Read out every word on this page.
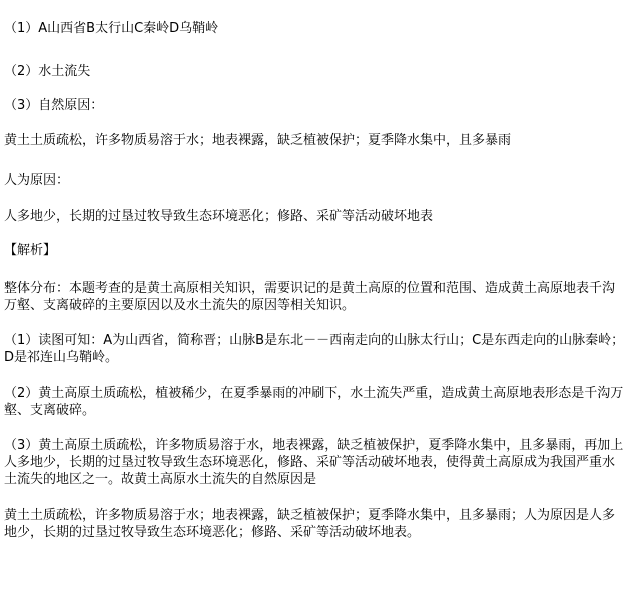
（1）A山西省B太行山C秦岭D乌鞘岭

（2）水土流失

（3）自然原因：

黄土土质疏松，许多物质易溶于水；地表裸露，缺乏植被保护；夏季降水集中，且多暴雨

人为原因：

人多地少，长期的过垦过牧导致生态环境恶化；修路、采矿等活动破坏地表

【解析】

整体分布：本题考查的是黄土高原相关知识，需要识记的是黄土高原的位置和范围、造成黄土高原地表千沟万壑、支离破碎的主要原因以及水土流失的原因等相关知识。

（1）读图可知：A为山西省，简称晋；山脉B是东北－－西南走向的山脉太行山；C是东西走向的山脉秦岭；D是祁连山乌鞘岭。

（2）黄土高原土质疏松，植被稀少，在夏季暴雨的冲刷下，水土流失严重，造成黄土高原地表形态是千沟万壑、支离破碎。

（3）黄土高原土质疏松，许多物质易溶于水，地表裸露，缺乏植被保护，夏季降水集中，且多暴雨，再加上人多地少，长期的过垦过牧导致生态环境恶化，修路、采矿等活动破坏地表，使得黄土高原成为我国严重水土流失的地区之一。故黄土高原水土流失的自然原因是

黄土土质疏松，许多物质易溶于水；地表裸露，缺乏植被保护；夏季降水集中，且多暴雨；人为原因是人多地少，长期的过垦过牧导致生态环境恶化；修路、采矿等活动破坏地表。
